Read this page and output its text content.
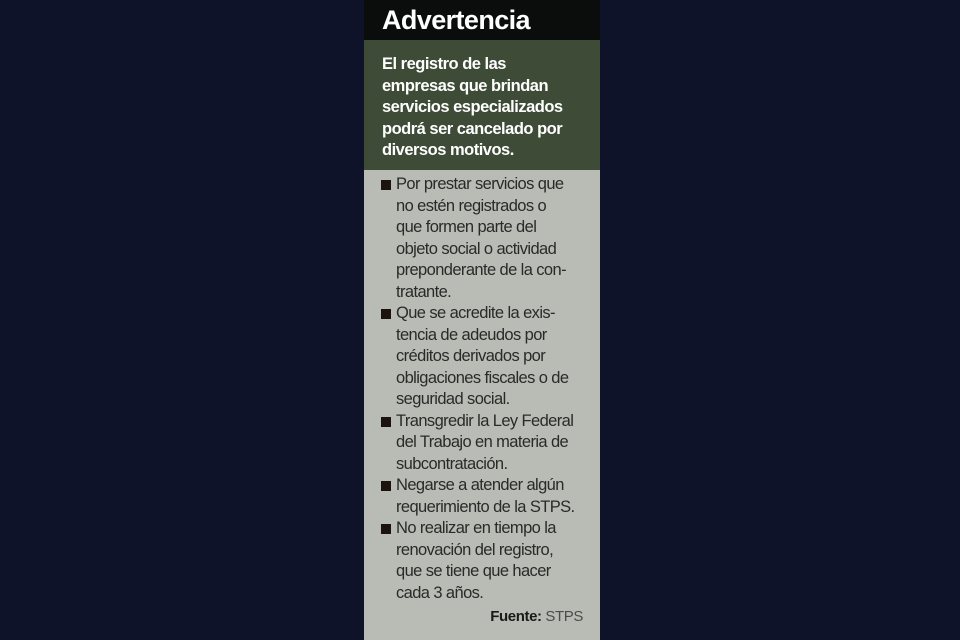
Advertencia
El registro de las
empresas que brindan
servicios especializados
podrá ser cancelado por
diversos motivos.
Por prestar servicios que
no estén registrados o
que formen parte del
objeto social o actividad
preponderante de la con-
tratante.
Que se acredite la exis-
tencia de adeudos por
créditos derivados por
obligaciones fiscales o de
seguridad social.
Transgredir la Ley Federal
del Trabajo en materia de
subcontratación.
Negarse a atender algún
requerimiento de la STPS.
No realizar en tiempo la
renovación del registro,
que se tiene que hacer
cada 3 años.
Fuente: STPS
